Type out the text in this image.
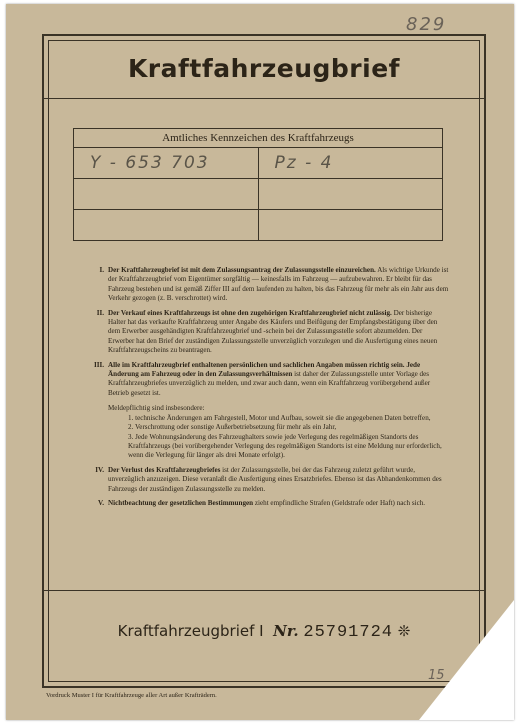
829
Kraftfahrzeugbrief
Amtliches Kennzeichen des Kraftfahrzeugs	
Y - 653 703	Pz - 4

I. Der Kraftfahrzeugbrief ist mit dem Zulassungsantrag der Zulassungsstelle einzureichen. Als wichtige Urkunde ist der Kraftfahrzeugbrief vom Eigentümer sorgfältig — keinesfalls im Fahrzeug — aufzubewahren. Er bleibt für das Fahrzeug bestehen und ist gemäß Ziffer III auf dem laufenden zu halten, bis das Fahrzeug für mehr als ein Jahr aus dem Verkehr gezogen (z. B. verschrottet) wird.
II. Der Verkauf eines Kraftfahrzeugs ist ohne den zugehörigen Kraftfahrzeugbrief nicht zulässig. Der bisherige Halter hat das verkaufte Kraftfahrzeug unter Angabe des Käufers und Beifügung der Empfangsbestätigung über den dem Erwerber ausgehändigten Kraftfahrzeugbrief und -schein bei der Zulassungsstelle sofort abzumelden. Der Erwerber hat den Brief der zuständigen Zulassungsstelle unverzüglich vorzulegen und die Ausfertigung eines neuen Kraftfahrzeugscheins zu beantragen.
III. Alle im Kraftfahrzeugbrief enthaltenen persönlichen und sachlichen Angaben müssen richtig sein. Jede Änderung am Fahrzeug oder in den Zulassungsverhältnissen ist daher der Zulassungsstelle unter Vorlage des Kraftfahrzeugbriefes unverzüglich zu melden, und zwar auch dann, wenn ein Kraftfahrzeug vorübergehend außer Betrieb gesetzt ist.
Meldepflichtig sind insbesondere:
1. technische Änderungen am Fahrgestell, Motor und Aufbau, soweit sie die angegebenen Daten betreffen,
2. Verschrottung oder sonstige Außerbetriebsetzung für mehr als ein Jahr,
3. Jede Wohnungsänderung des Fahrzeughalters sowie jede Verlegung des regelmäßigen Standorts des Kraftfahrzeugs (bei vorübergehender Verlegung des regelmäßigen Standorts ist eine Meldung nur erforderlich, wenn die Verlegung für länger als drei Monate erfolgt).
IV. Der Verlust des Kraftfahrzeugbriefes ist der Zulassungsstelle, bei der das Fahrzeug zuletzt geführt wurde, unverzüglich anzuzeigen. Diese veranlaßt die Ausfertigung eines Ersatzbriefes. Ebenso ist das Abhandenkommen des Fahrzeugs der zuständigen Zulassungsstelle zu melden.
V. Nichtbeachtung der gesetzlichen Bestimmungen zieht empfindliche Strafen (Geldstrafe oder Haft) nach sich.
Kraftfahrzeugbrief I Nr. 25791724 ❊
15
Vordruck Muster I für Kraftfahrzeuge aller Art außer Krafträdern.
